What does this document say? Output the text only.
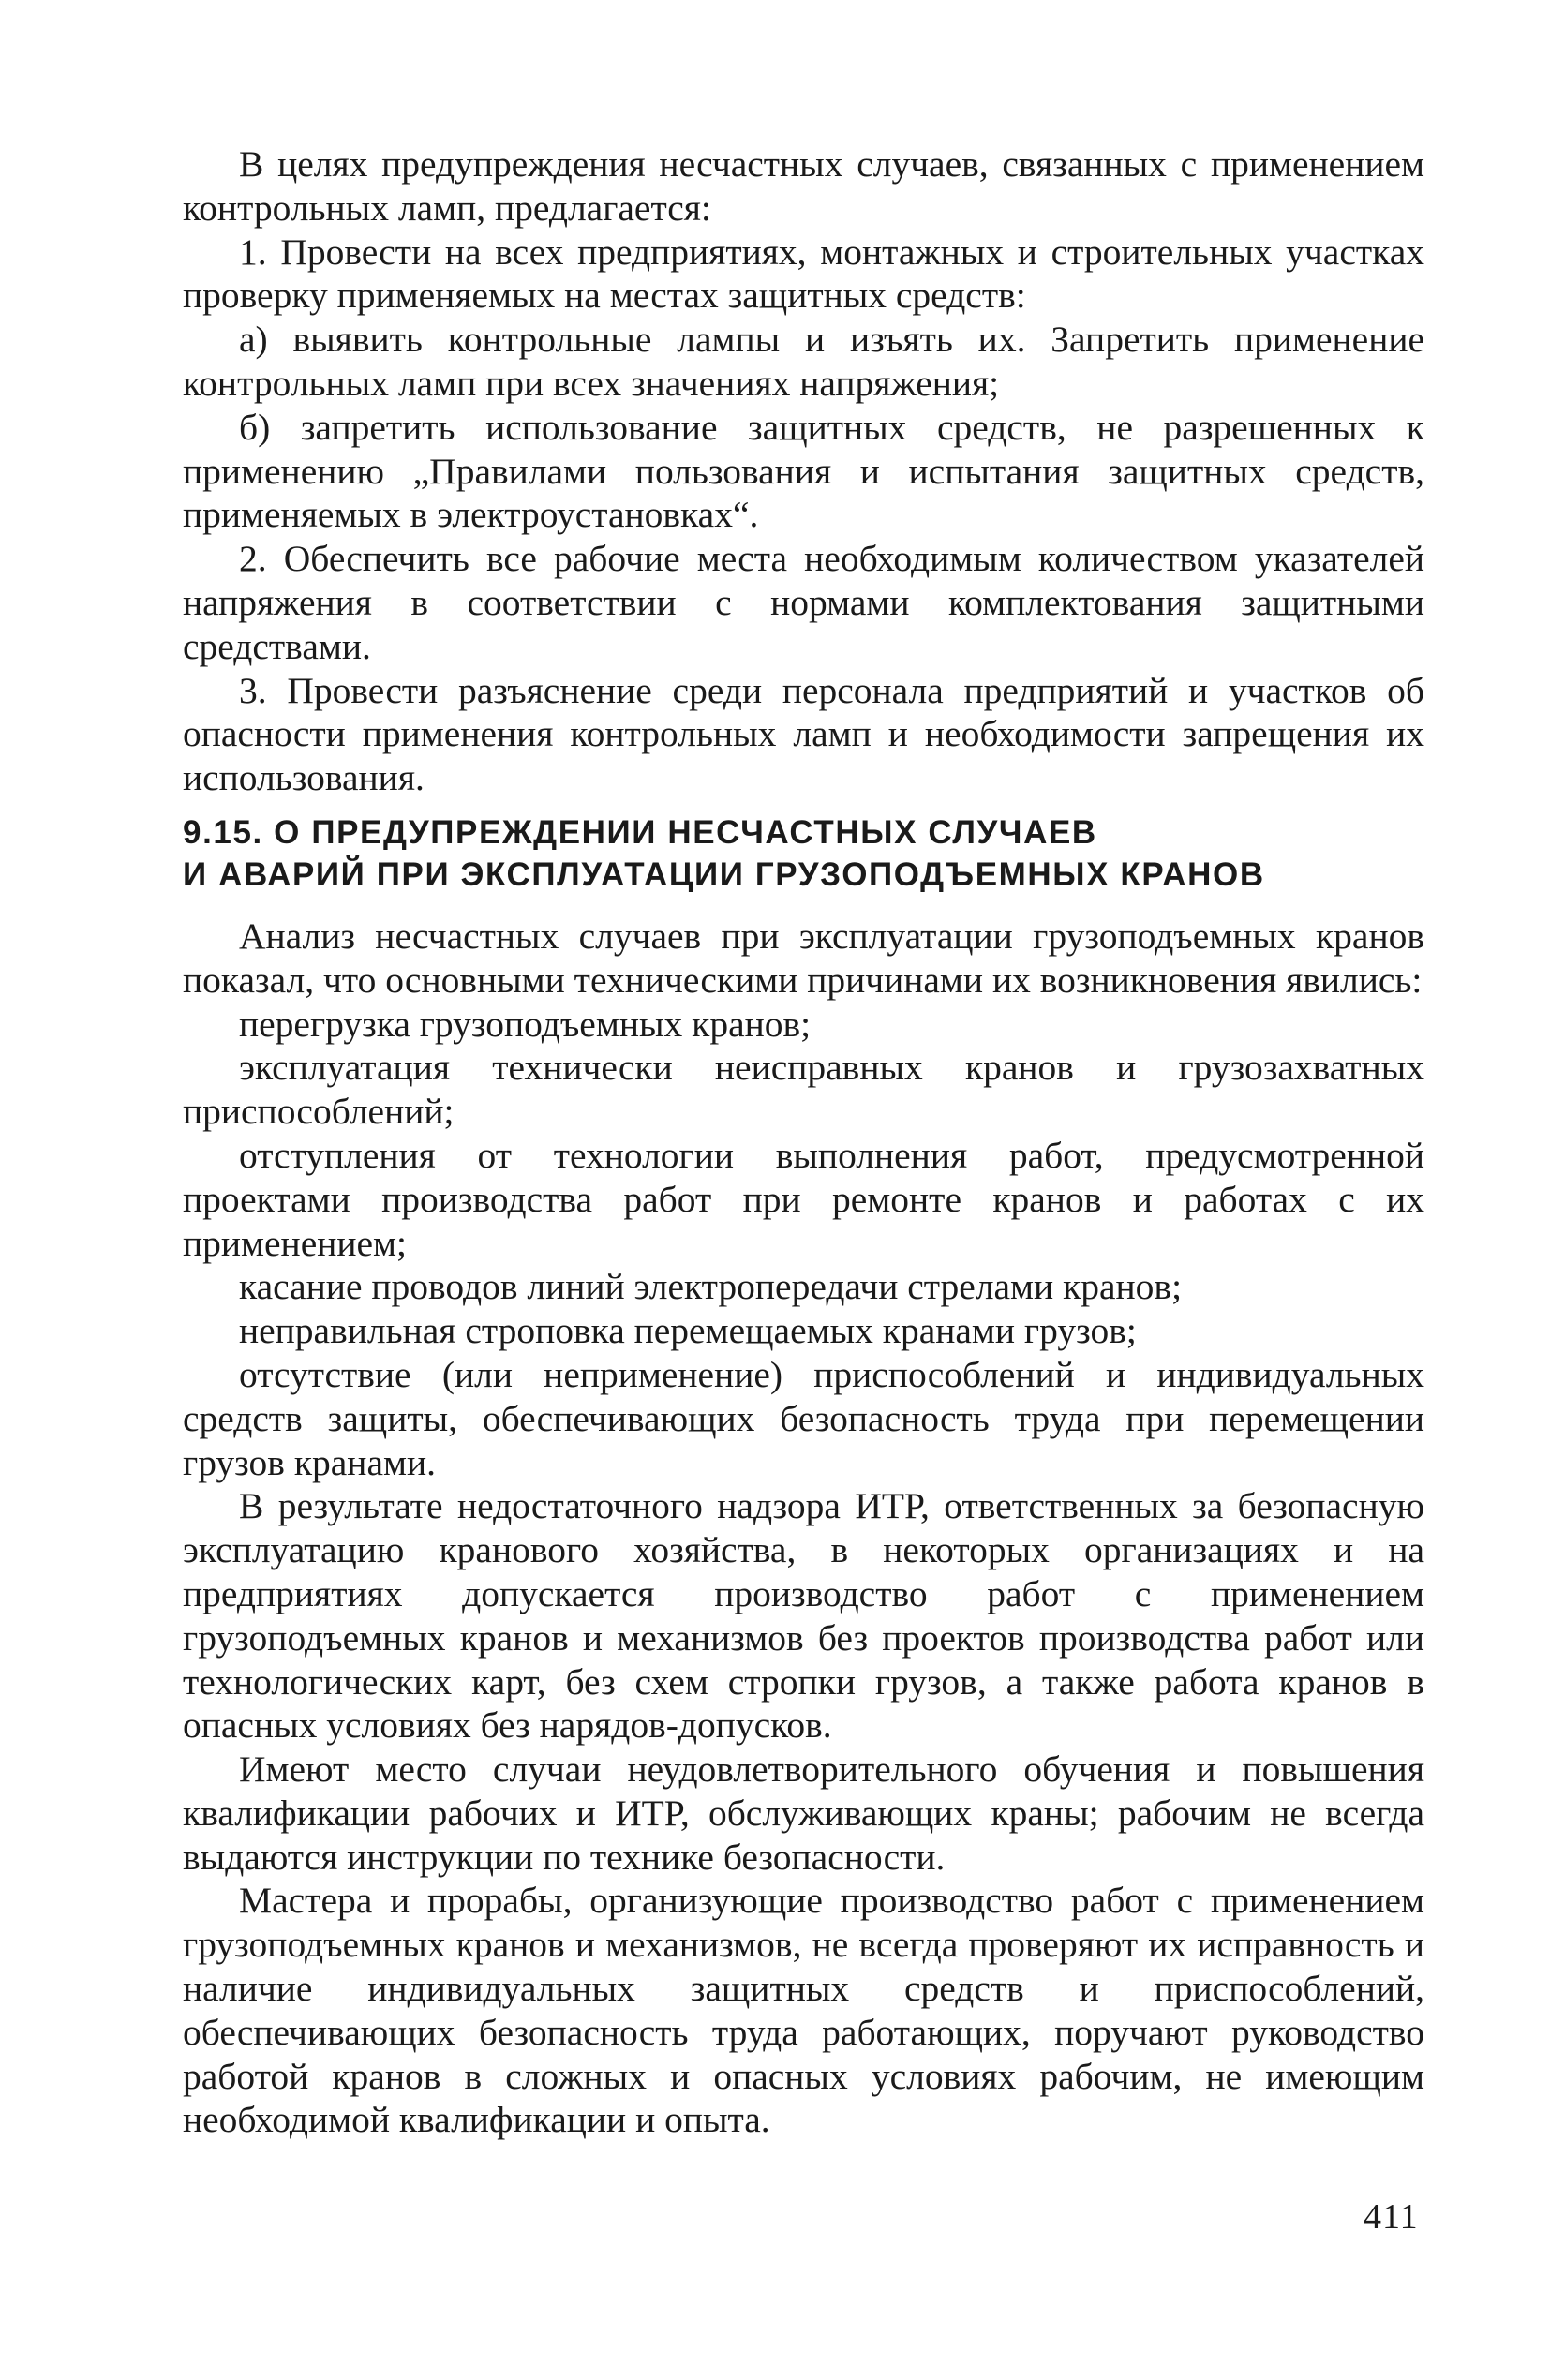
В целях предупреждения несчастных случаев, связанных с применением контрольных ламп, предлагается:

1. Провести на всех предприятиях, монтажных и строительных участках проверку применяемых на местах защитных средств:

а) выявить контрольные лампы и изъять их. Запретить применение контрольных ламп при всех значениях напряжения;

б) запретить использование защитных средств, не разрешенных к применению „Правилами пользования и испытания защитных средств, применяемых в электроустановках“.

2. Обеспечить все рабочие места необходимым количеством указателей напряжения в соответствии с нормами комплектования защитными средствами.

3. Провести разъяснение среди персонала предприятий и участков об опасности применения контрольных ламп и необходимости запрещения их использования.

9.15. О ПРЕДУПРЕЖДЕНИИ НЕСЧАСТНЫХ СЛУЧАЕВ
И АВАРИЙ ПРИ ЭКСПЛУАТАЦИИ ГРУЗОПОДЪЕМНЫХ КРАНОВ

Анализ несчастных случаев при эксплуатации грузоподъемных кранов показал, что основными техническими причинами их возникновения явились:

перегрузка грузоподъемных кранов;

эксплуатация технически неисправных кранов и грузозахватных приспособлений;

отступления от технологии выполнения работ, предусмотренной проектами производства работ при ремонте кранов и работах с их применением;

касание проводов линий электропередачи стрелами кранов;

неправильная строповка перемещаемых кранами грузов;

отсутствие (или неприменение) приспособлений и индивидуальных средств защиты, обеспечивающих безопасность труда при перемещении грузов кранами.

В результате недостаточного надзора ИТР, ответственных за безопасную эксплуатацию кранового хозяйства, в некоторых организациях и на предприятиях допускается производство работ с применением грузоподъемных кранов и механизмов без проектов производства работ или технологических карт, без схем стропки грузов, а также работа кранов в опасных условиях без нарядов-допусков.

Имеют место случаи неудовлетворительного обучения и повышения квалификации рабочих и ИТР, обслуживающих краны; рабочим не всегда выдаются инструкции по технике безопасности.

Мастера и прорабы, организующие производство работ с применением грузоподъемных кранов и механизмов, не всегда проверяют их исправность и наличие индивидуальных защитных средств и приспособлений, обеспечивающих безопасность труда работающих, поручают руководство работой кранов в сложных и опасных условиях рабочим, не имеющим необходимой квалификации и опыта.

411
